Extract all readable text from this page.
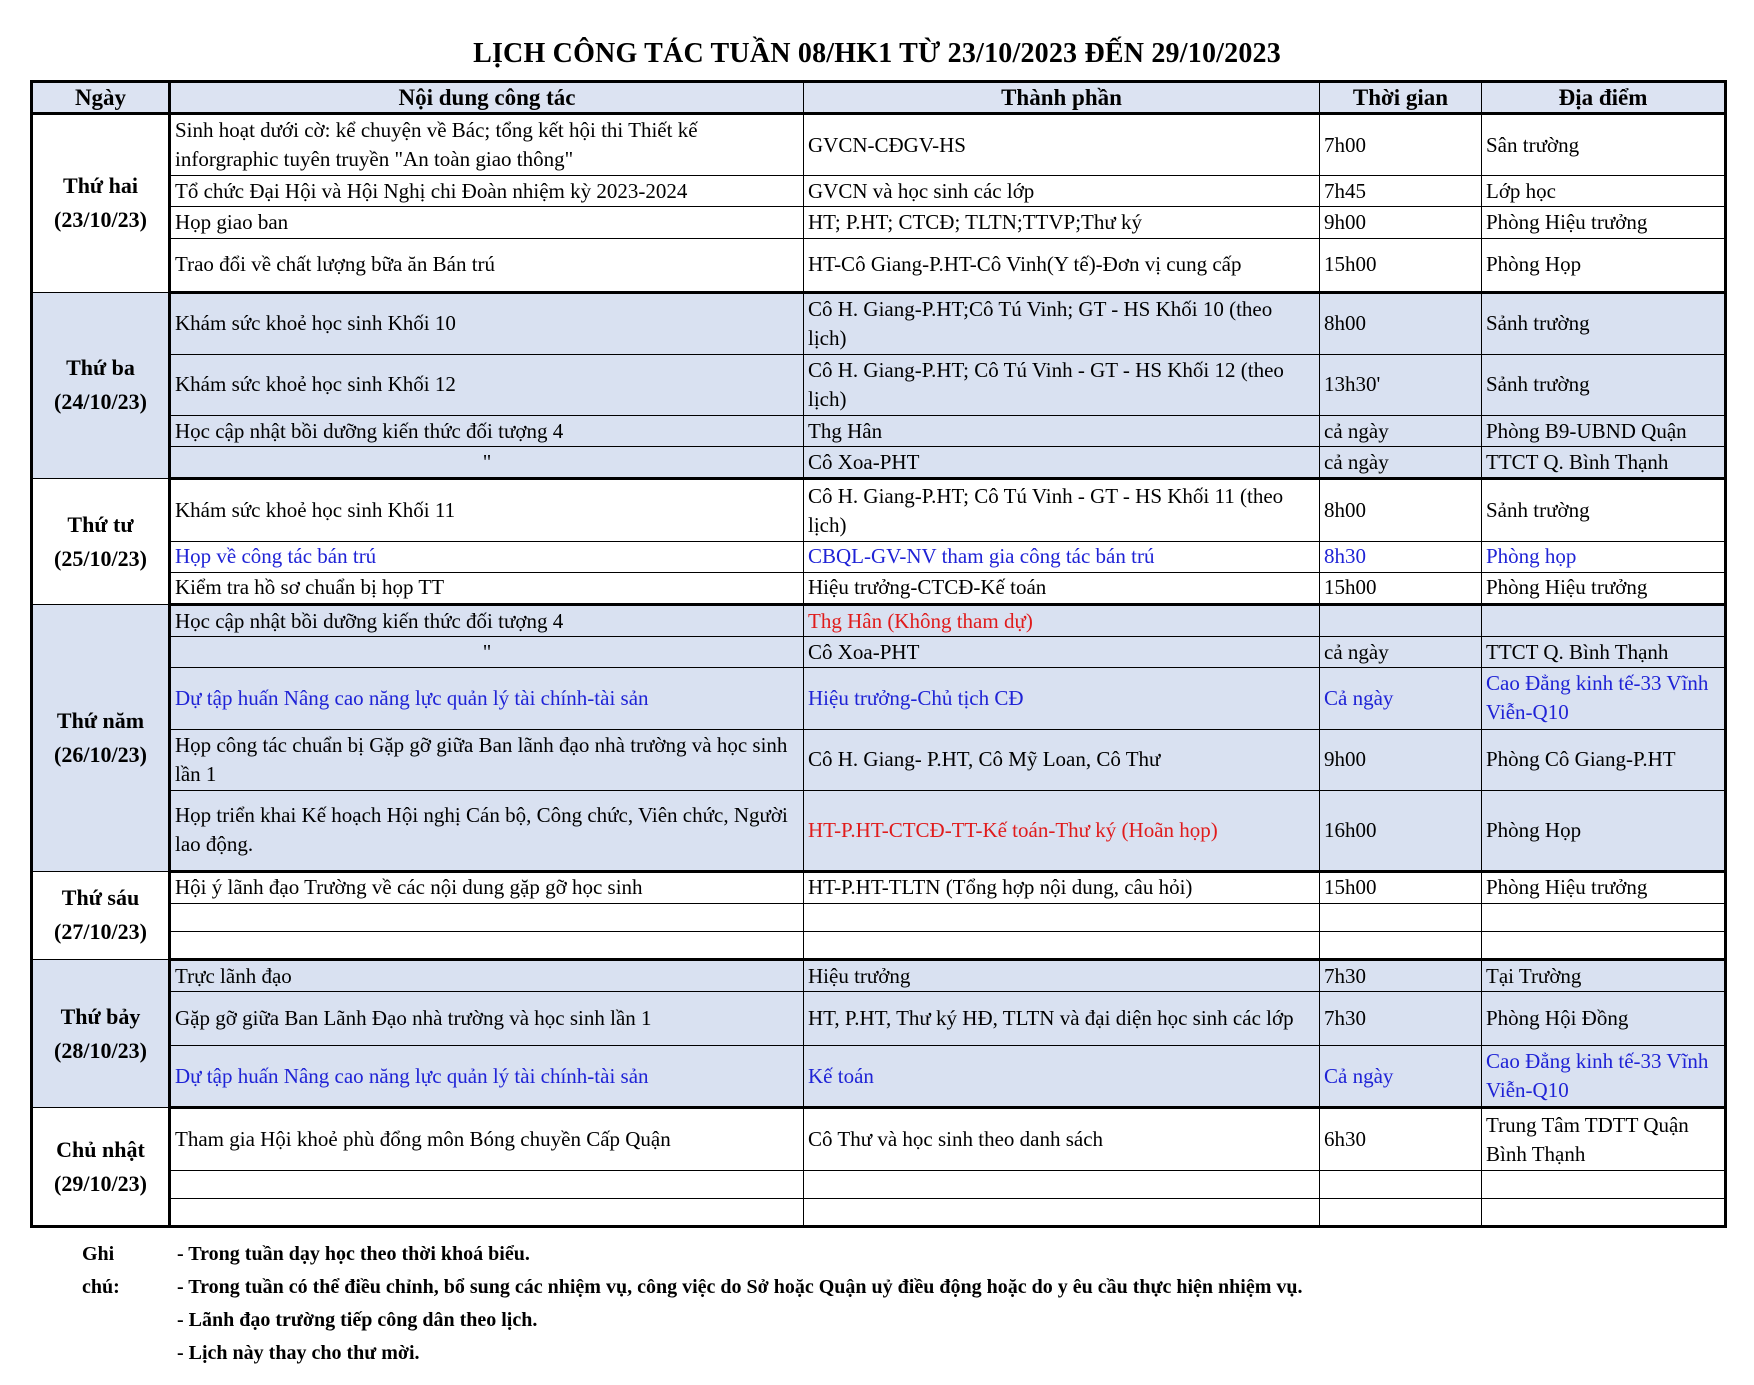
LỊCH CÔNG TÁC TUẦN 08/HK1 TỪ 23/10/2023 ĐẾN 29/10/2023
Ngày	Nội dung công tác	Thành phần	Thời gian	Địa điểm

Thứ hai
(23/10/23)	Sinh hoạt dưới cờ: kể chuyện về Bác; tổng kết hội thi Thiết kế inforgraphic tuyên truyền "An toàn giao thông"	GVCN-CĐGV-HS	7h00	Sân trường
	Tổ chức Đại Hội và Hội Nghị chi Đoàn nhiệm kỳ 2023-2024	GVCN và học sinh các lớp	7h45	Lớp học
	Họp giao ban	HT; P.HT; CTCĐ; TLTN;TTVP;Thư ký	9h00	Phòng Hiệu trưởng
	Trao đổi về chất lượng bữa ăn Bán trú	HT-Cô Giang-P.HT-Cô Vinh(Y tế)-Đơn vị cung cấp	15h00	Phòng Họp

Thứ ba
(24/10/23)	Khám sức khoẻ học sinh Khối 10	Cô H. Giang-P.HT;Cô Tú Vinh; GT - HS Khối 10 (theo lịch)	8h00	Sảnh trường
	Khám sức khoẻ học sinh Khối 12	Cô H. Giang-P.HT; Cô Tú Vinh - GT - HS Khối 12 (theo lịch)	13h30'	Sảnh trường
	Học cập nhật bồi dưỡng kiến thức đối tượng 4	Thg Hân	cả ngày	Phòng B9-UBND Quận
	"	Cô Xoa-PHT	cả ngày	TTCT Q. Bình Thạnh

Thứ tư
(25/10/23)	Khám sức khoẻ học sinh Khối 11	Cô H. Giang-P.HT; Cô Tú Vinh - GT - HS Khối 11 (theo lịch)	8h00	Sảnh trường
	Họp về công tác bán trú	CBQL-GV-NV tham gia công tác bán trú	8h30	Phòng họp
	Kiểm tra hồ sơ chuẩn bị họp TT	Hiệu trưởng-CTCĐ-Kế toán	15h00	Phòng Hiệu trưởng

Thứ năm
(26/10/23)	Học cập nhật bồi dưỡng kiến thức đối tượng 4	Thg Hân (Không tham dự)		
	"	Cô Xoa-PHT	cả ngày	TTCT Q. Bình Thạnh
	Dự tập huấn Nâng cao năng lực quản lý tài chính-tài sản	Hiệu trưởng-Chủ tịch CĐ	Cả ngày	Cao Đẳng kinh tế-33 Vĩnh Viễn-Q10
	Họp công tác chuẩn bị Gặp gỡ giữa Ban lãnh đạo nhà trường và học sinh lần 1	Cô H. Giang- P.HT, Cô Mỹ Loan, Cô Thư	9h00	Phòng Cô Giang-P.HT
	Họp triển khai Kế hoạch Hội nghị Cán bộ, Công chức, Viên chức, Người lao động.	HT-P.HT-CTCĐ-TT-Kế toán-Thư ký (Hoãn họp)	16h00	Phòng Họp

Thứ sáu
(27/10/23)	Hội ý lãnh đạo Trường về các nội dung gặp gỡ học sinh	HT-P.HT-TLTN (Tổng hợp nội dung, câu hỏi)	15h00	Phòng Hiệu trưởng

Thứ bảy
(28/10/23)	Trực lãnh đạo	Hiệu trưởng	7h30	Tại Trường
	Gặp gỡ giữa Ban Lãnh Đạo nhà trường và học sinh lần 1	HT, P.HT, Thư ký HĐ, TLTN và đại diện học sinh các lớp	7h30	Phòng Hội Đồng
	Dự tập huấn Nâng cao năng lực quản lý tài chính-tài sản	Kế toán	Cả ngày	Cao Đẳng kinh tế-33 Vĩnh Viễn-Q10

Chủ nhật
(29/10/23)	Tham gia Hội khoẻ phù đổng môn Bóng chuyền Cấp Quận	Cô Thư và học sinh theo danh sách	6h30	Trung Tâm TDTT Quận Bình Thạnh

Ghi chú:
- Trong tuần dạy học theo thời khoá biểu.
- Trong tuần có thể điều chỉnh, bổ sung các nhiệm vụ, công việc do Sở hoặc Quận uỷ điều động hoặc do y êu cầu thực hiện nhiệm vụ.
- Lãnh đạo trường tiếp công dân theo lịch.
- Lịch này thay cho thư mời.
